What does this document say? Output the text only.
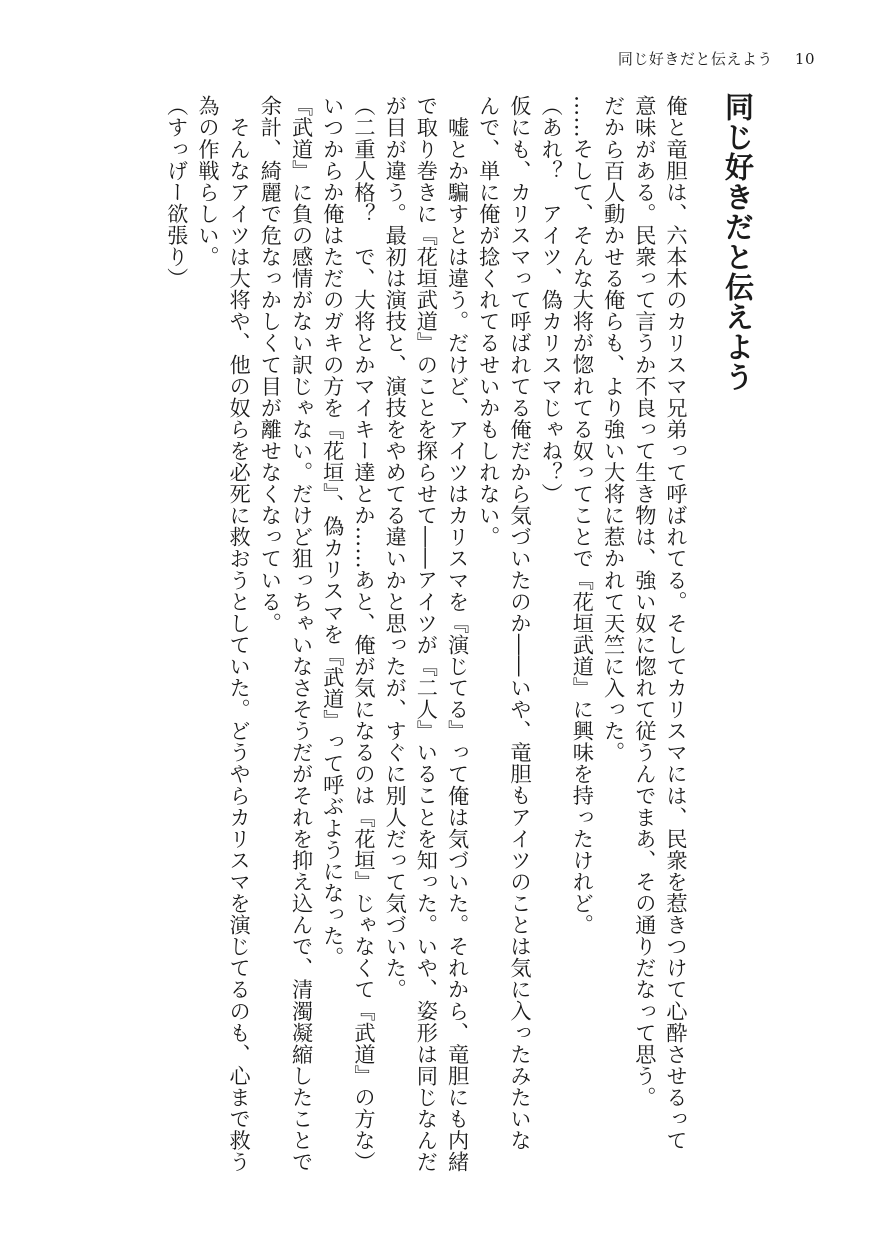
同じ好きだと伝えよう 10
同じ好きだと伝えよう

俺と竜胆は、六本木のカリスマ兄弟って呼ばれてる。そしてカリスマには、民衆を惹きつけて心酔させるって

意味がある。民衆って言うか不良って生き物は、強い奴に惚れて従うんでまあ、その通りだなって思う。

だから百人動かせる俺らも、より強い大将に惹かれて天竺に入った。

……そして、そんな大将が惚れてる奴ってことで『花垣武道』に興味を持ったけれど。

（あれ？　アイツ、偽カリスマじゃね？）

仮にも、カリスマって呼ばれてる俺だから気づいたのか――いや、竜胆もアイツのことは気に入ったみたいな

んで、単に俺が捻くれてるせいかもしれない。

　嘘とか騙すとは違う。だけど、アイツはカリスマを『演じてる』って俺は気づいた。それから、竜胆にも内緒

で取り巻きに『花垣武道』のことを探らせて――アイツが『二人』いることを知った。いや、姿形は同じなんだ

が目が違う。最初は演技と、演技をやめてる違いかと思ったが、すぐに別人だって気づいた。

（二重人格？　で、大将とかマイキー達とか……あと、俺が気になるのは『花垣』じゃなくて『武道』の方な）

いつからか俺はただのガキの方を『花垣』、偽カリスマを『武道』って呼ぶようになった。

『武道』に負の感情がない訳じゃない。だけど狙っちゃいなさそうだがそれを抑え込んで、清濁凝縮したことで

余計、綺麗で危なっかしくて目が離せなくなっている。

　そんなアイツは大将や、他の奴らを必死に救おうとしていた。どうやらカリスマを演じてるのも、心まで救う

為の作戦らしい。

（すっげー欲張り）
